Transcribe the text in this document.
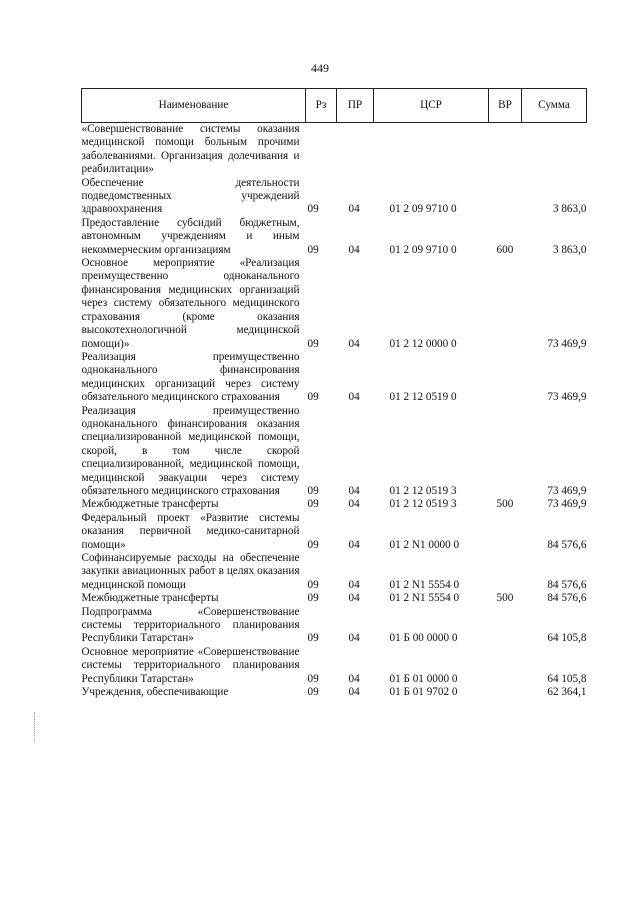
449
Наименование	Рз	ПР	ЦСР	ВР	Сумма
«Совершенствование системы оказания медицинской помощи больным прочими заболеваниями. Организация долечивания и реабилитации»					
Обеспечение деятельности подведомственных учреждений здравоохранения	09	04	01 2 09 9710 0		3 863,0
Предоставление субсидий бюджетным, автономным учреждениям и иным некоммерческим организациям	09	04	01 2 09 9710 0	600	3 863,0
Основное мероприятие «Реализация преимущественно одноканального финансирования медицинских организаций через систему обязательного медицинского страхования (кроме оказания высокотехнологичной медицинской помощи)»	09	04	01 2 12 0000 0		73 469,9
Реализация преимущественно одноканального финансирования медицинских организаций через систему обязательного медицинского страхования	09	04	01 2 12 0519 0		73 469,9
Реализация преимущественно одноканального финансирования оказания специализированной медицинской помощи, скорой, в том числе скорой специализированной, медицинской помощи, медицинской эвакуации через систему обязательного медицинского страхования	09	04	01 2 12 0519 3		73 469,9
Межбюджетные трансферты	09	04	01 2 12 0519 3	500	73 469,9
Федеральный проект «Развитие системы оказания первичной медико-санитарной помощи»	09	04	01 2 N1 0000 0		84 576,6
Софинансируемые расходы на обеспечение закупки авиационных работ в целях оказания медицинской помощи	09	04	01 2 N1 5554 0		84 576,6
Межбюджетные трансферты	09	04	01 2 N1 5554 0	500	84 576,6
Подпрограмма «Совершенствование системы территориального планирования Республики Татарстан»	09	04	01 Б 00 0000 0		64 105,8
Основное мероприятие «Совершенствование системы территориального планирования Республики Татарстан»	09	04	01 Б 01 0000 0		64 105,8
Учреждения, обеспечивающие	09	04	01 Б 01 9702 0		62 364,1
